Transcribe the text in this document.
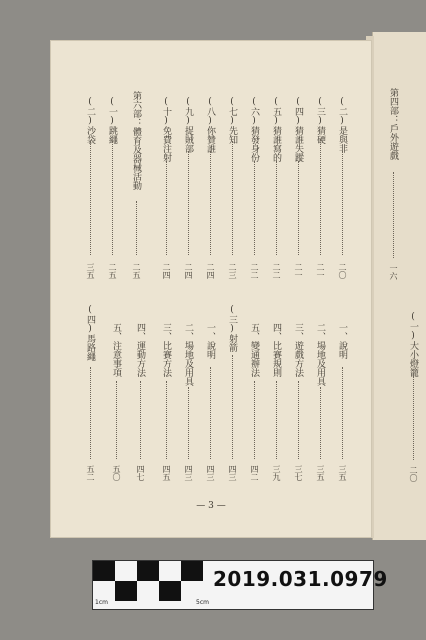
(二)是與非
二〇
(三)猜硬
二一
(四)猜誰失蹤
二一
(五)猜誰寫的
二二
(六)猜發身份
二二
(七)先知
二三
(八)你贊誰
二四
(九)捉賊部
二四
(十)免費注射
二四
第六部：體育及器械活動
二五
(一)跳繩
二五
(二)沙袋
三五
一、說明
三五
二、場地及用具
三五
三、遊戲方法
三七
四、比賽規則
三九
五、變通辦法
四二
(三)射箭
四三
一、說明
四三
二、場地及用具
四三
三、比賽方法
四五
四、運動方法
四七
五、注意事項
五〇
(四)馬路繩
五二
— 3 —
第四部：戶外遊戲
一六
(一)大小燈籠
二〇
1cm	5cm
2019.031.0979
